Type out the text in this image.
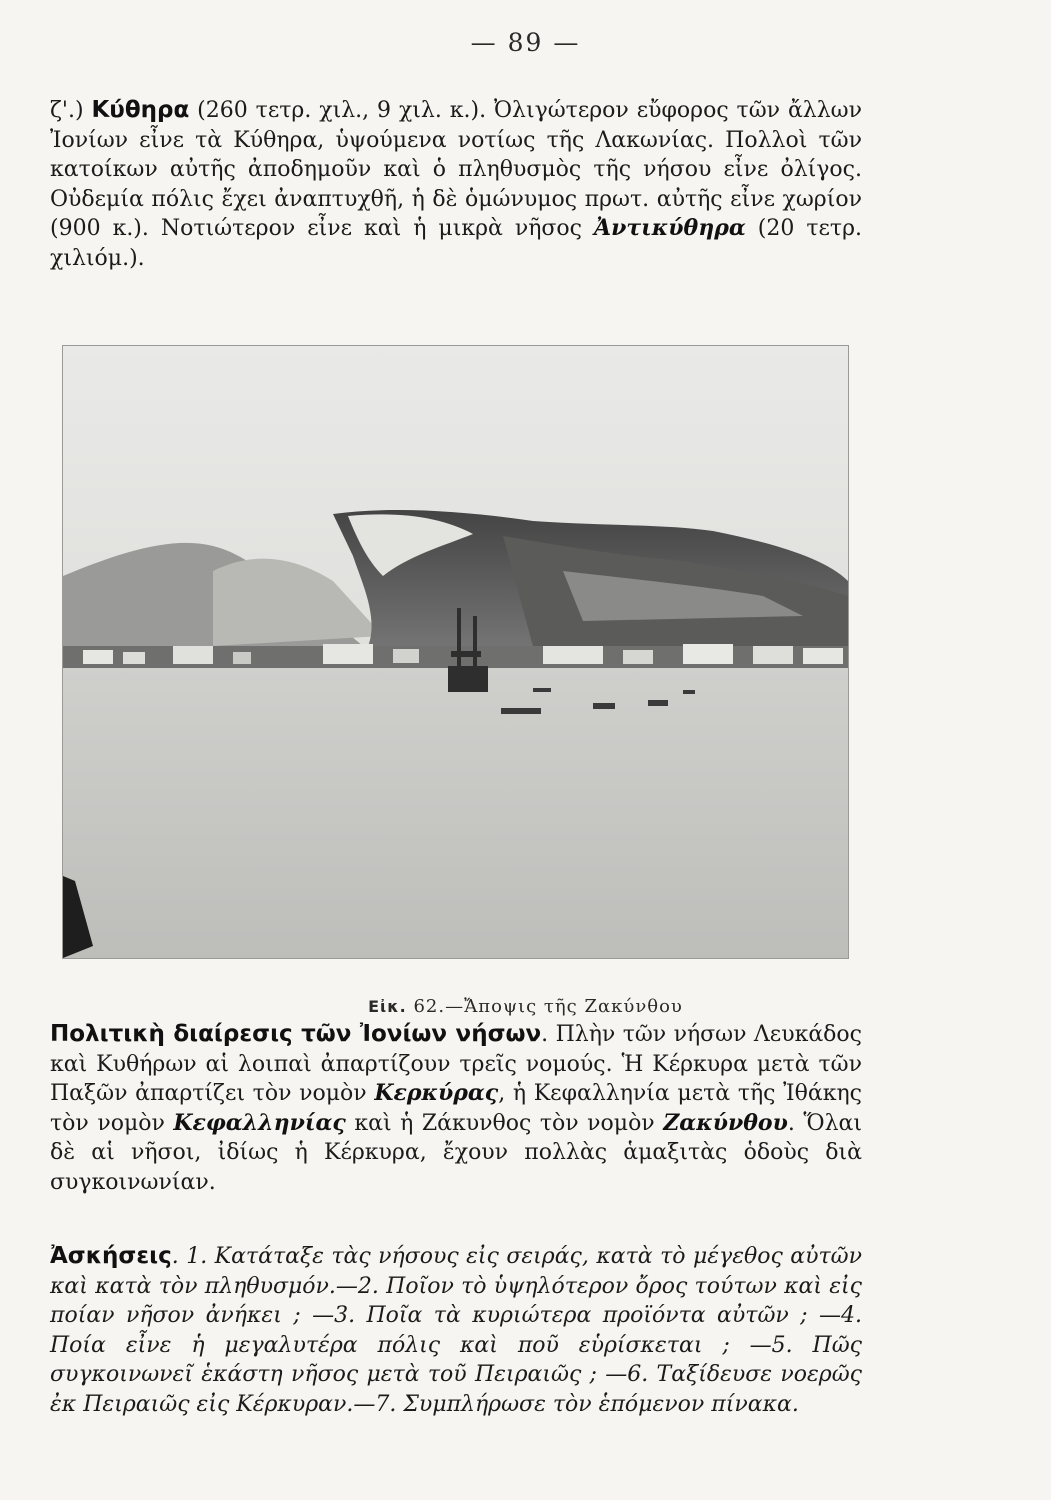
— 89 —

ζ'.) Κύθηρα (260 τετρ. χιλ., 9 χιλ. κ.). Ὀλιγώτερον εὔφορος τῶν ἄλλων Ἰονίων εἶνε τὰ Κύθηρα, ὑψούμενα νοτίως τῆς Λακωνίας. Πολλοὶ τῶν κατοίκων αὐτῆς ἀποδημοῦν καὶ ὁ πληθυσμὸς τῆς νήσου εἶνε ὀλίγος. Οὐδεμία πόλις ἔχει ἀναπτυχθῆ, ἡ δὲ ὁμώνυμος πρωτ. αὐτῆς εἶνε χωρίον (900 κ.). Νοτιώτερον εἶνε καὶ ἡ μικρὰ νῆσος Ἀντικύθηρα (20 τετρ. χιλιόμ.).

Εἰκ. 62.—Ἄποψις τῆς Ζακύνθου

Πολιτικὴ διαίρεσις τῶν Ἰονίων νήσων. Πλὴν τῶν νήσων Λευκάδος καὶ Κυθήρων αἱ λοιπαὶ ἀπαρτίζουν τρεῖς νομούς. Ἡ Κέρκυρα μετὰ τῶν Παξῶν ἀπαρτίζει τὸν νομὸν Κερκύρας, ἡ Κεφαλληνία μετὰ τῆς Ἰθάκης τὸν νομὸν Κεφαλληνίας καὶ ἡ Ζάκυνθος τὸν νομὸν Ζακύνθου. Ὅλαι δὲ αἱ νῆσοι, ἰδίως ἡ Κέρκυρα, ἔχουν πολλὰς ἁμαξιτὰς ὁδοὺς διὰ συγκοινωνίαν.

Ἀσκήσεις. 1. Κατάταξε τὰς νήσους εἰς σειράς, κατὰ τὸ μέγεθος αὐτῶν καὶ κατὰ τὸν πληθυσμόν.—2. Ποῖον τὸ ὑψηλότερον ὄρος τούτων καὶ εἰς ποίαν νῆσον ἀνήκει ; —3. Ποῖα τὰ κυριώτερα προϊόντα αὐτῶν ; —4. Ποία εἶνε ἡ μεγαλυτέρα πόλις καὶ ποῦ εὑρίσκεται ; —5. Πῶς συγκοινωνεῖ ἑκάστη νῆσος μετὰ τοῦ Πειραιῶς ; —6. Ταξίδευσε νοερῶς ἐκ Πειραιῶς εἰς Κέρκυραν.—7. Συμπλήρωσε τὸν ἑπόμενον πίνακα.
